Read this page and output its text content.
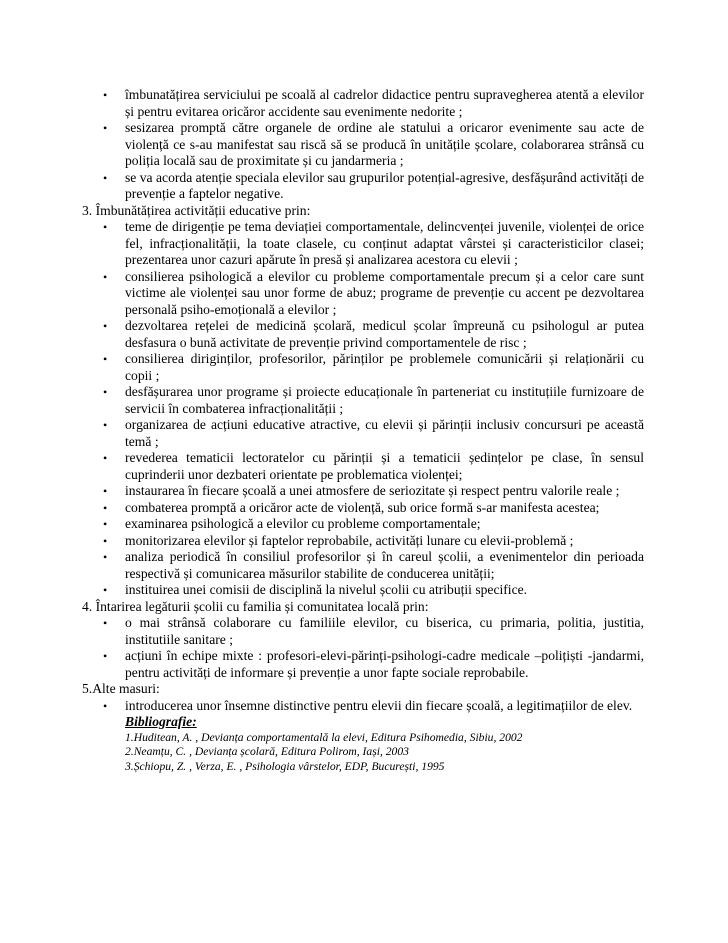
• îmbunatățirea serviciului pe scoală al cadrelor didactice pentru supravegherea atentă a elevilor și pentru evitarea oricăror accidente sau evenimente nedorite ;
• sesizarea promptă către organele de ordine ale statului a oricaror evenimente sau acte de violență ce s-au manifestat sau riscă să se producă în unitățile școlare, colaborarea strânsă cu poliția locală sau de proximitate și cu jandarmeria ;
• se va acorda atenție speciala elevilor sau grupurilor potențial-agresive, desfășurând activități de prevenție a faptelor negative.
3. Îmbunătățirea activității educative prin:
• teme de dirigenție pe tema deviației comportamentale, delincvenței juvenile, violenței de orice fel, infracționalității, la toate clasele, cu conținut adaptat vârstei și caracteristicilor clasei; prezentarea unor cazuri apărute în presă și analizarea acestora cu elevii ;
• consilierea psihologică a elevilor cu probleme comportamentale precum și a celor care sunt victime ale violenței sau unor forme de abuz; programe de prevenție cu accent pe dezvoltarea personală psiho-emoțională a elevilor ;
• dezvoltarea rețelei de medicină școlară, medicul școlar împreună cu psihologul ar putea desfasura o bună activitate de prevenție privind comportamentele de risc ;
• consilierea diriginților, profesorilor, părinților pe problemele comunicării și relaționării cu copii ;
• desfășurarea unor programe și proiecte educaționale în parteneriat cu instituțiile furnizoare de servicii în combaterea infracționalității ;
• organizarea de acțiuni educative atractive, cu elevii și părinții inclusiv concursuri pe această temă ;
• revederea tematicii lectoratelor cu părinții și a tematicii ședințelor pe clase, în sensul cuprinderii unor dezbateri orientate pe problematica violenței;
• instaurarea în fiecare școală a unei atmosfere de seriozitate și respect pentru valorile reale ;
• combaterea promptă a oricăror acte de violență, sub orice formă s-ar manifesta acestea;
• examinarea psihologică a elevilor cu probleme comportamentale;
• monitorizarea elevilor și faptelor reprobabile, activități lunare cu elevii-problemă ;
• analiza periodică în consiliul profesorilor și în careul școlii, a evenimentelor din perioada respectivă și comunicarea măsurilor stabilite de conducerea unității;
• instituirea unei comisii de disciplină la nivelul școlii cu atribuții specifice.
4. Întarirea legăturii școlii cu familia și comunitatea locală prin:
• o mai strânsă colaborare cu familiile elevilor, cu biserica, cu primaria, politia, justitia, institutiile sanitare ;
• acțiuni în echipe mixte : profesori-elevi-părinți-psihologi-cadre medicale –polițiști -jandarmi, pentru activități de informare și prevenție a unor fapte sociale reprobabile.
5.Alte masuri:
• introducerea unor însemne distinctive pentru elevii din fiecare școală, a legitimațiilor de elev.
Bibliografie:
1.Huditean, A. , Devianța comportamentală la elevi, Editura Psihomedia, Sibiu, 2002
2.Neamțu, C. , Devianța școlară, Editura Polirom, Iași, 2003
3.Șchiopu, Z. , Verza, E. , Psihologia vârstelor, EDP, București, 1995
